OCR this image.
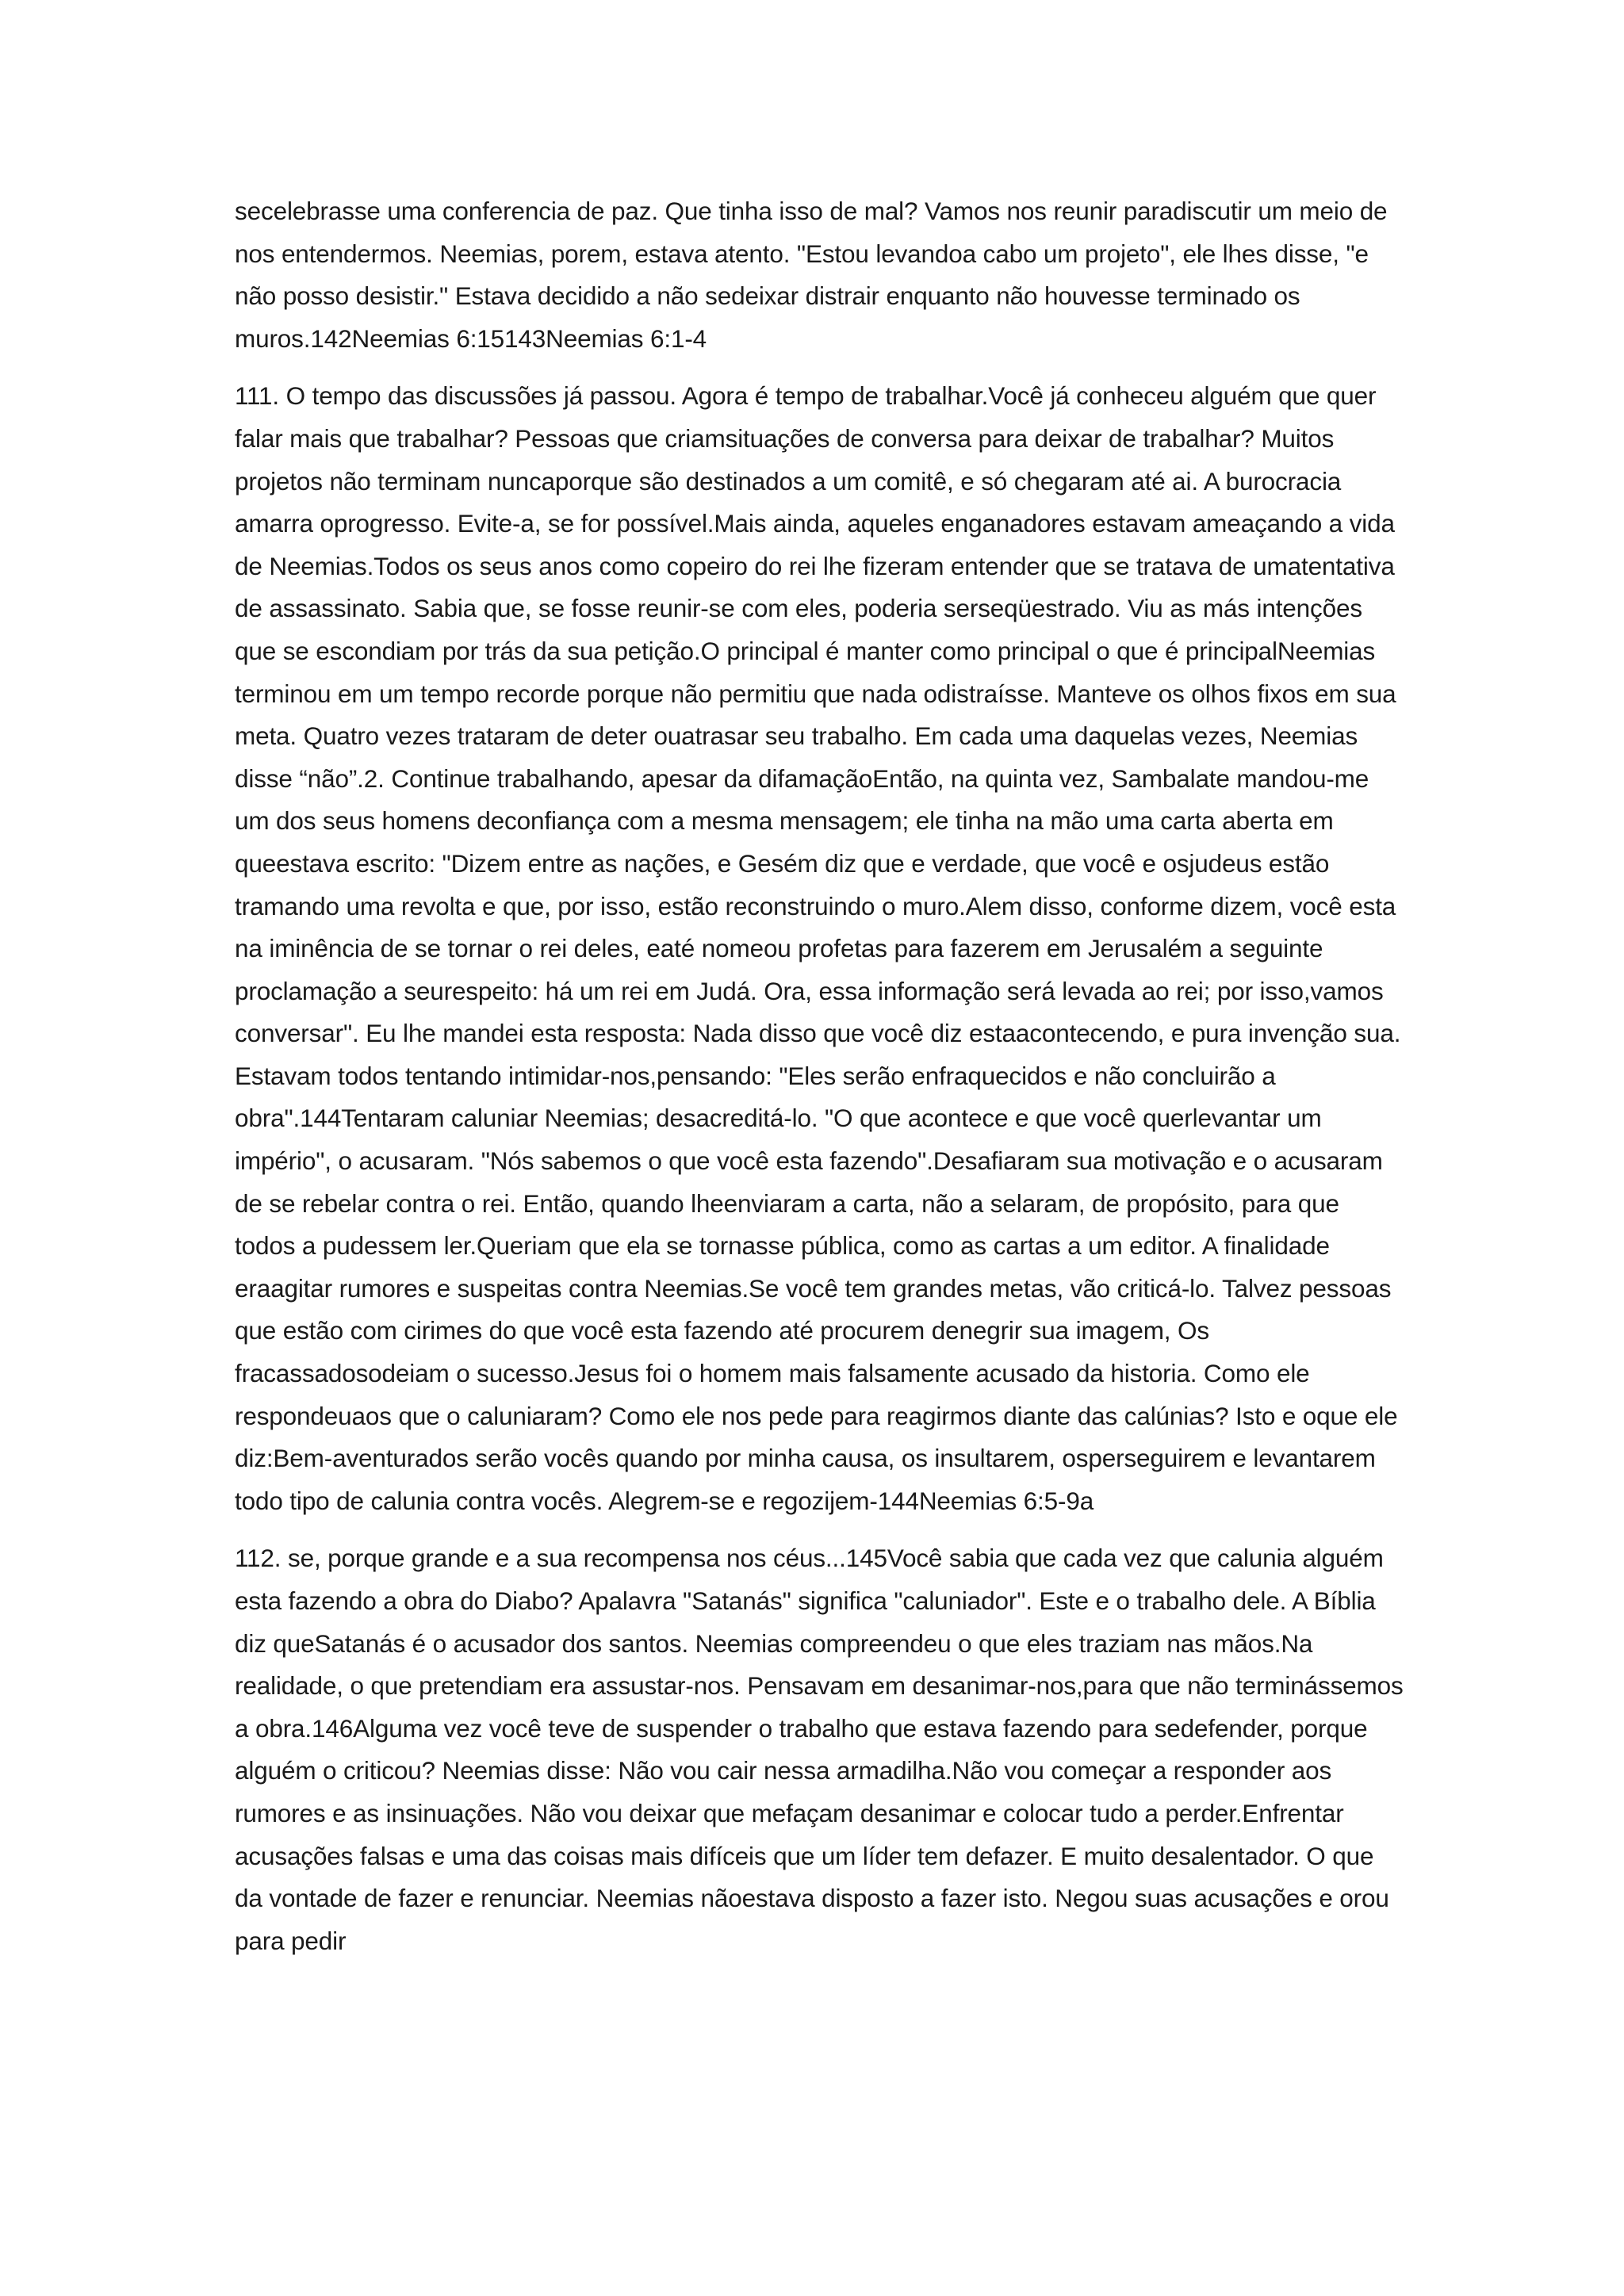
secelebrasse uma conferencia de paz. Que tinha isso de mal? Vamos nos reunir paradiscutir um meio de nos entendermos. Neemias, porem, estava atento. "Estou levandoa cabo um projeto", ele lhes disse, "e não posso desistir." Estava decidido a não sedeixar distrair enquanto não houvesse terminado os muros.142Neemias 6:15143Neemias 6:1-4

111. O tempo das discussões já passou. Agora é tempo de trabalhar.Você já conheceu alguém que quer falar mais que trabalhar? Pessoas que criamsituações de conversa para deixar de trabalhar? Muitos projetos não terminam nuncaporque são destinados a um comitê, e só chegaram até ai. A burocracia amarra oprogresso. Evite-a, se for possível.Mais ainda, aqueles enganadores estavam ameaçando a vida de Neemias.Todos os seus anos como copeiro do rei lhe fizeram entender que se tratava de umatentativa de assassinato. Sabia que, se fosse reunir-se com eles, poderia serseqüestrado. Viu as más intenções que se escondiam por trás da sua petição.O principal é manter como principal o que é principalNeemias terminou em um tempo recorde porque não permitiu que nada odistraísse. Manteve os olhos fixos em sua meta. Quatro vezes trataram de deter ouatrasar seu trabalho. Em cada uma daquelas vezes, Neemias disse “não”.2. Continue trabalhando, apesar da difamaçãoEntão, na quinta vez, Sambalate mandou-me um dos seus homens deconfiança com a mesma mensagem; ele tinha na mão uma carta aberta em queestava escrito: "Dizem entre as nações, e Gesém diz que e verdade, que você e osjudeus estão tramando uma revolta e que, por isso, estão reconstruindo o muro.Alem disso, conforme dizem, você esta na iminência de se tornar o rei deles, eaté nomeou profetas para fazerem em Jerusalém a seguinte proclamação a seurespeito: há um rei em Judá. Ora, essa informação será levada ao rei; por isso,vamos conversar". Eu lhe mandei esta resposta: Nada disso que você diz estaacontecendo, e pura invenção sua. Estavam todos tentando intimidar-nos,pensando: "Eles serão enfraquecidos e não concluirão a obra".144Tentaram caluniar Neemias; desacreditá-lo. "O que acontece e que você querlevantar um império", o acusaram. "Nós sabemos o que você esta fazendo".Desafiaram sua motivação e o acusaram de se rebelar contra o rei. Então, quando lheenviaram a carta, não a selaram, de propósito, para que todos a pudessem ler.Queriam que ela se tornasse pública, como as cartas a um editor. A finalidade eraagitar rumores e suspeitas contra Neemias.Se você tem grandes metas, vão criticá-lo. Talvez pessoas que estão com cirimes do que você esta fazendo até procurem denegrir sua imagem, Os fracassadosodeiam o sucesso.Jesus foi o homem mais falsamente acusado da historia. Como ele respondeuaos que o caluniaram? Como ele nos pede para reagirmos diante das calúnias? Isto e oque ele diz:Bem-aventurados serão vocês quando por minha causa, os insultarem, osperseguirem e levantarem todo tipo de calunia contra vocês. Alegrem-se e regozijem-144Neemias 6:5-9a

112. se, porque grande e a sua recompensa nos céus...145Você sabia que cada vez que calunia alguém esta fazendo a obra do Diabo? Apalavra "Satanás" significa "caluniador". Este e o trabalho dele. A Bíblia diz queSatanás é o acusador dos santos. Neemias compreendeu o que eles traziam nas mãos.Na realidade, o que pretendiam era assustar-nos. Pensavam em desanimar-nos,para que não terminássemos a obra.146Alguma vez você teve de suspender o trabalho que estava fazendo para sedefender, porque alguém o criticou? Neemias disse: Não vou cair nessa armadilha.Não vou começar a responder aos rumores e as insinuações. Não vou deixar que mefaçam desanimar e colocar tudo a perder.Enfrentar acusações falsas e uma das coisas mais difíceis que um líder tem defazer. E muito desalentador. O que da vontade de fazer e renunciar. Neemias nãoestava disposto a fazer isto. Negou suas acusações e orou para pedir
